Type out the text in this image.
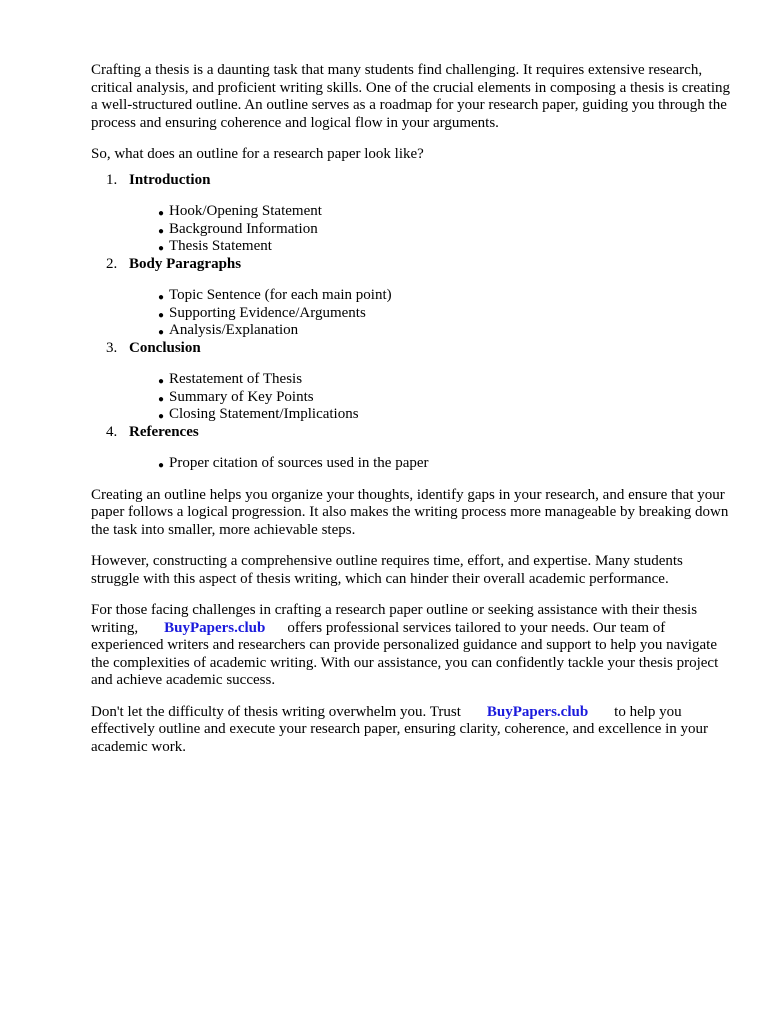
Crafting a thesis is a daunting task that many students find challenging. It requires extensive research, critical analysis, and proficient writing skills. One of the crucial elements in composing a thesis is creating a well-structured outline. An outline serves as a roadmap for your research paper, guiding you through the process and ensuring coherence and logical flow in your arguments.

So, what does an outline for a research paper look like?

1. Introduction
● Hook/Opening Statement
● Background Information
● Thesis Statement
2. Body Paragraphs
● Topic Sentence (for each main point)
● Supporting Evidence/Arguments
● Analysis/Explanation
3. Conclusion
● Restatement of Thesis
● Summary of Key Points
● Closing Statement/Implications
4. References
● Proper citation of sources used in the paper

Creating an outline helps you organize your thoughts, identify gaps in your research, and ensure that your paper follows a logical progression. It also makes the writing process more manageable by breaking down the task into smaller, more achievable steps.

However, constructing a comprehensive outline requires time, effort, and expertise. Many students struggle with this aspect of thesis writing, which can hinder their overall academic performance.

For those facing challenges in crafting a research paper outline or seeking assistance with their thesis writing, BuyPapers.club offers professional services tailored to your needs. Our team of experienced writers and researchers can provide personalized guidance and support to help you navigate the complexities of academic writing. With our assistance, you can confidently tackle your thesis project and achieve academic success.

Don't let the difficulty of thesis writing overwhelm you. Trust BuyPapers.club to help you effectively outline and execute your research paper, ensuring clarity, coherence, and excellence in your academic work.
